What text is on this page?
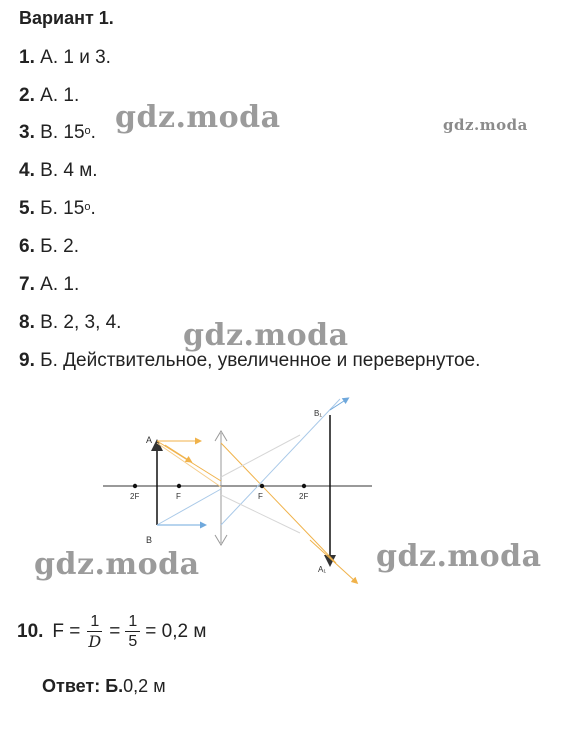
Вариант 1.
1. А. 1 и 3.
2. А. 1.
3. В. 15$^o$.
4. В. 4 м.
5. Б. 15$^o$.
6. Б. 2.
7. А. 1.
8. В. 2, 3, 4.
9. Б. Действительное, увеличенное и перевернутое.
gdz.moda	gdz.moda
gdz.moda
2F	F	F	2F
A
B
B₁
A₁
gdz.moda	gdz.moda
10. $F = \frac{1}{D} = \frac{1}{5} = 0,2$ м
Ответ: Б.0,2 м
